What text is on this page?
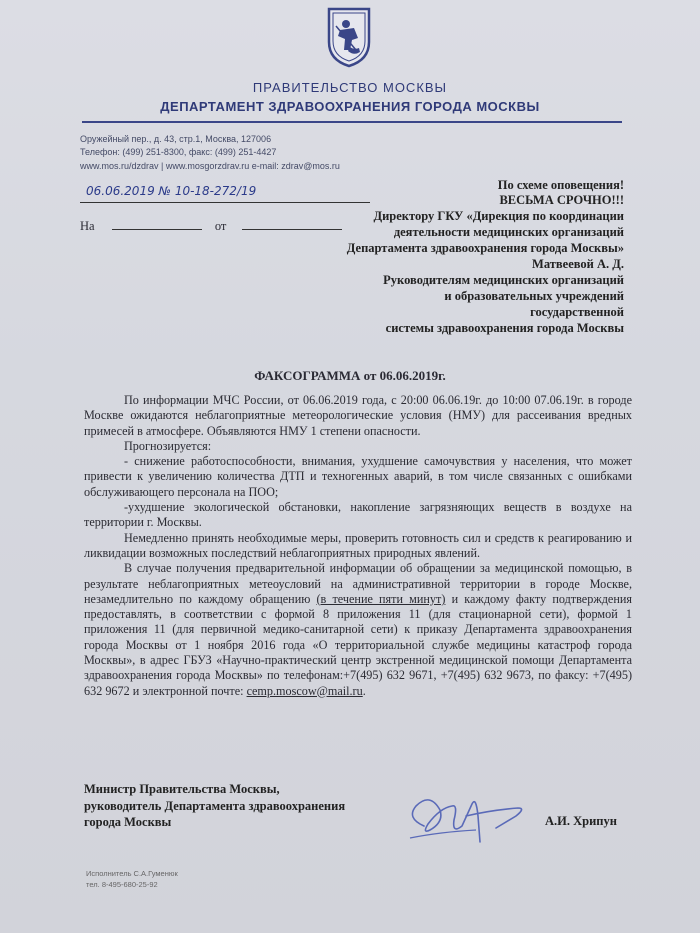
ПРАВИТЕЛЬСТВО МОСКВЫ
ДЕПАРТАМЕНТ ЗДРАВООХРАНЕНИЯ ГОРОДА МОСКВЫ
Оружейный пер., д. 43, стр.1, Москва, 127006
Телефон: (499) 251-8300, факс: (499) 251-4427
www.mos.ru/dzdrav | www.mosgorzdrav.ru e-mail: zdrav@mos.ru
06.06.2019 № 10-18-272/19
На	от
По схеме оповещения!
ВЕСЬМА СРОЧНО!!!
Директору ГКУ «Дирекция по координации
деятельности медицинских организаций
Департамента здравоохранения города Москвы»
Матвеевой А. Д.
Руководителям медицинских организаций
и образовательных учреждений
государственной
системы здравоохранения города Москвы
ФАКСОГРАММА от 06.06.2019г.

По информации МЧС России, от 06.06.2019 года, с 20:00 06.06.19г. до 10:00 07.06.19г. в городе Москве ожидаются неблагоприятные метеорологические условия (НМУ) для рассеивания вредных примесей в атмосфере. Объявляются НМУ 1 степени опасности.

Прогнозируется:

- снижение работоспособности, внимания, ухудшение самочувствия у населения, что может привести к увеличению количества ДТП и техногенных аварий, в том числе связанных с ошибками обслуживающего персонала на ПОО;

-ухудшение экологической обстановки, накопление загрязняющих веществ в воздухе на территории г. Москвы.

Немедленно принять необходимые меры, проверить готовность сил и средств к реагированию и ликвидации возможных последствий неблагоприятных природных явлений.

В случае получения предварительной информации об обращении за медицинской помощью, в результате неблагоприятных метеоусловий на административной территории в городе Москве, незамедлительно по каждому обращению (в течение пяти минут) и каждому факту подтверждения предоставлять, в соответствии с формой 8 приложения 11 (для стационарной сети), формой 1 приложения 11 (для первичной медико-санитарной сети) к приказу Департамента здравоохранения города Москвы от 1 ноября 2016 года «О территориальной службе медицины катастроф города Москвы», в адрес ГБУЗ «Научно-практический центр экстренной медицинской помощи Департамента здравоохранения города Москвы» по телефонам:+7(495) 632 9671, +7(495) 632 9673, по факсу: +7(495) 632 9672 и электронной почте: cemp.moscow@mail.ru.

Министр Правительства Москвы,
руководитель Департамента здравоохранения
города Москвы	А.И. Хрипун
Исполнитель С.А.Гуменюк
тел. 8-495-680-25-92
